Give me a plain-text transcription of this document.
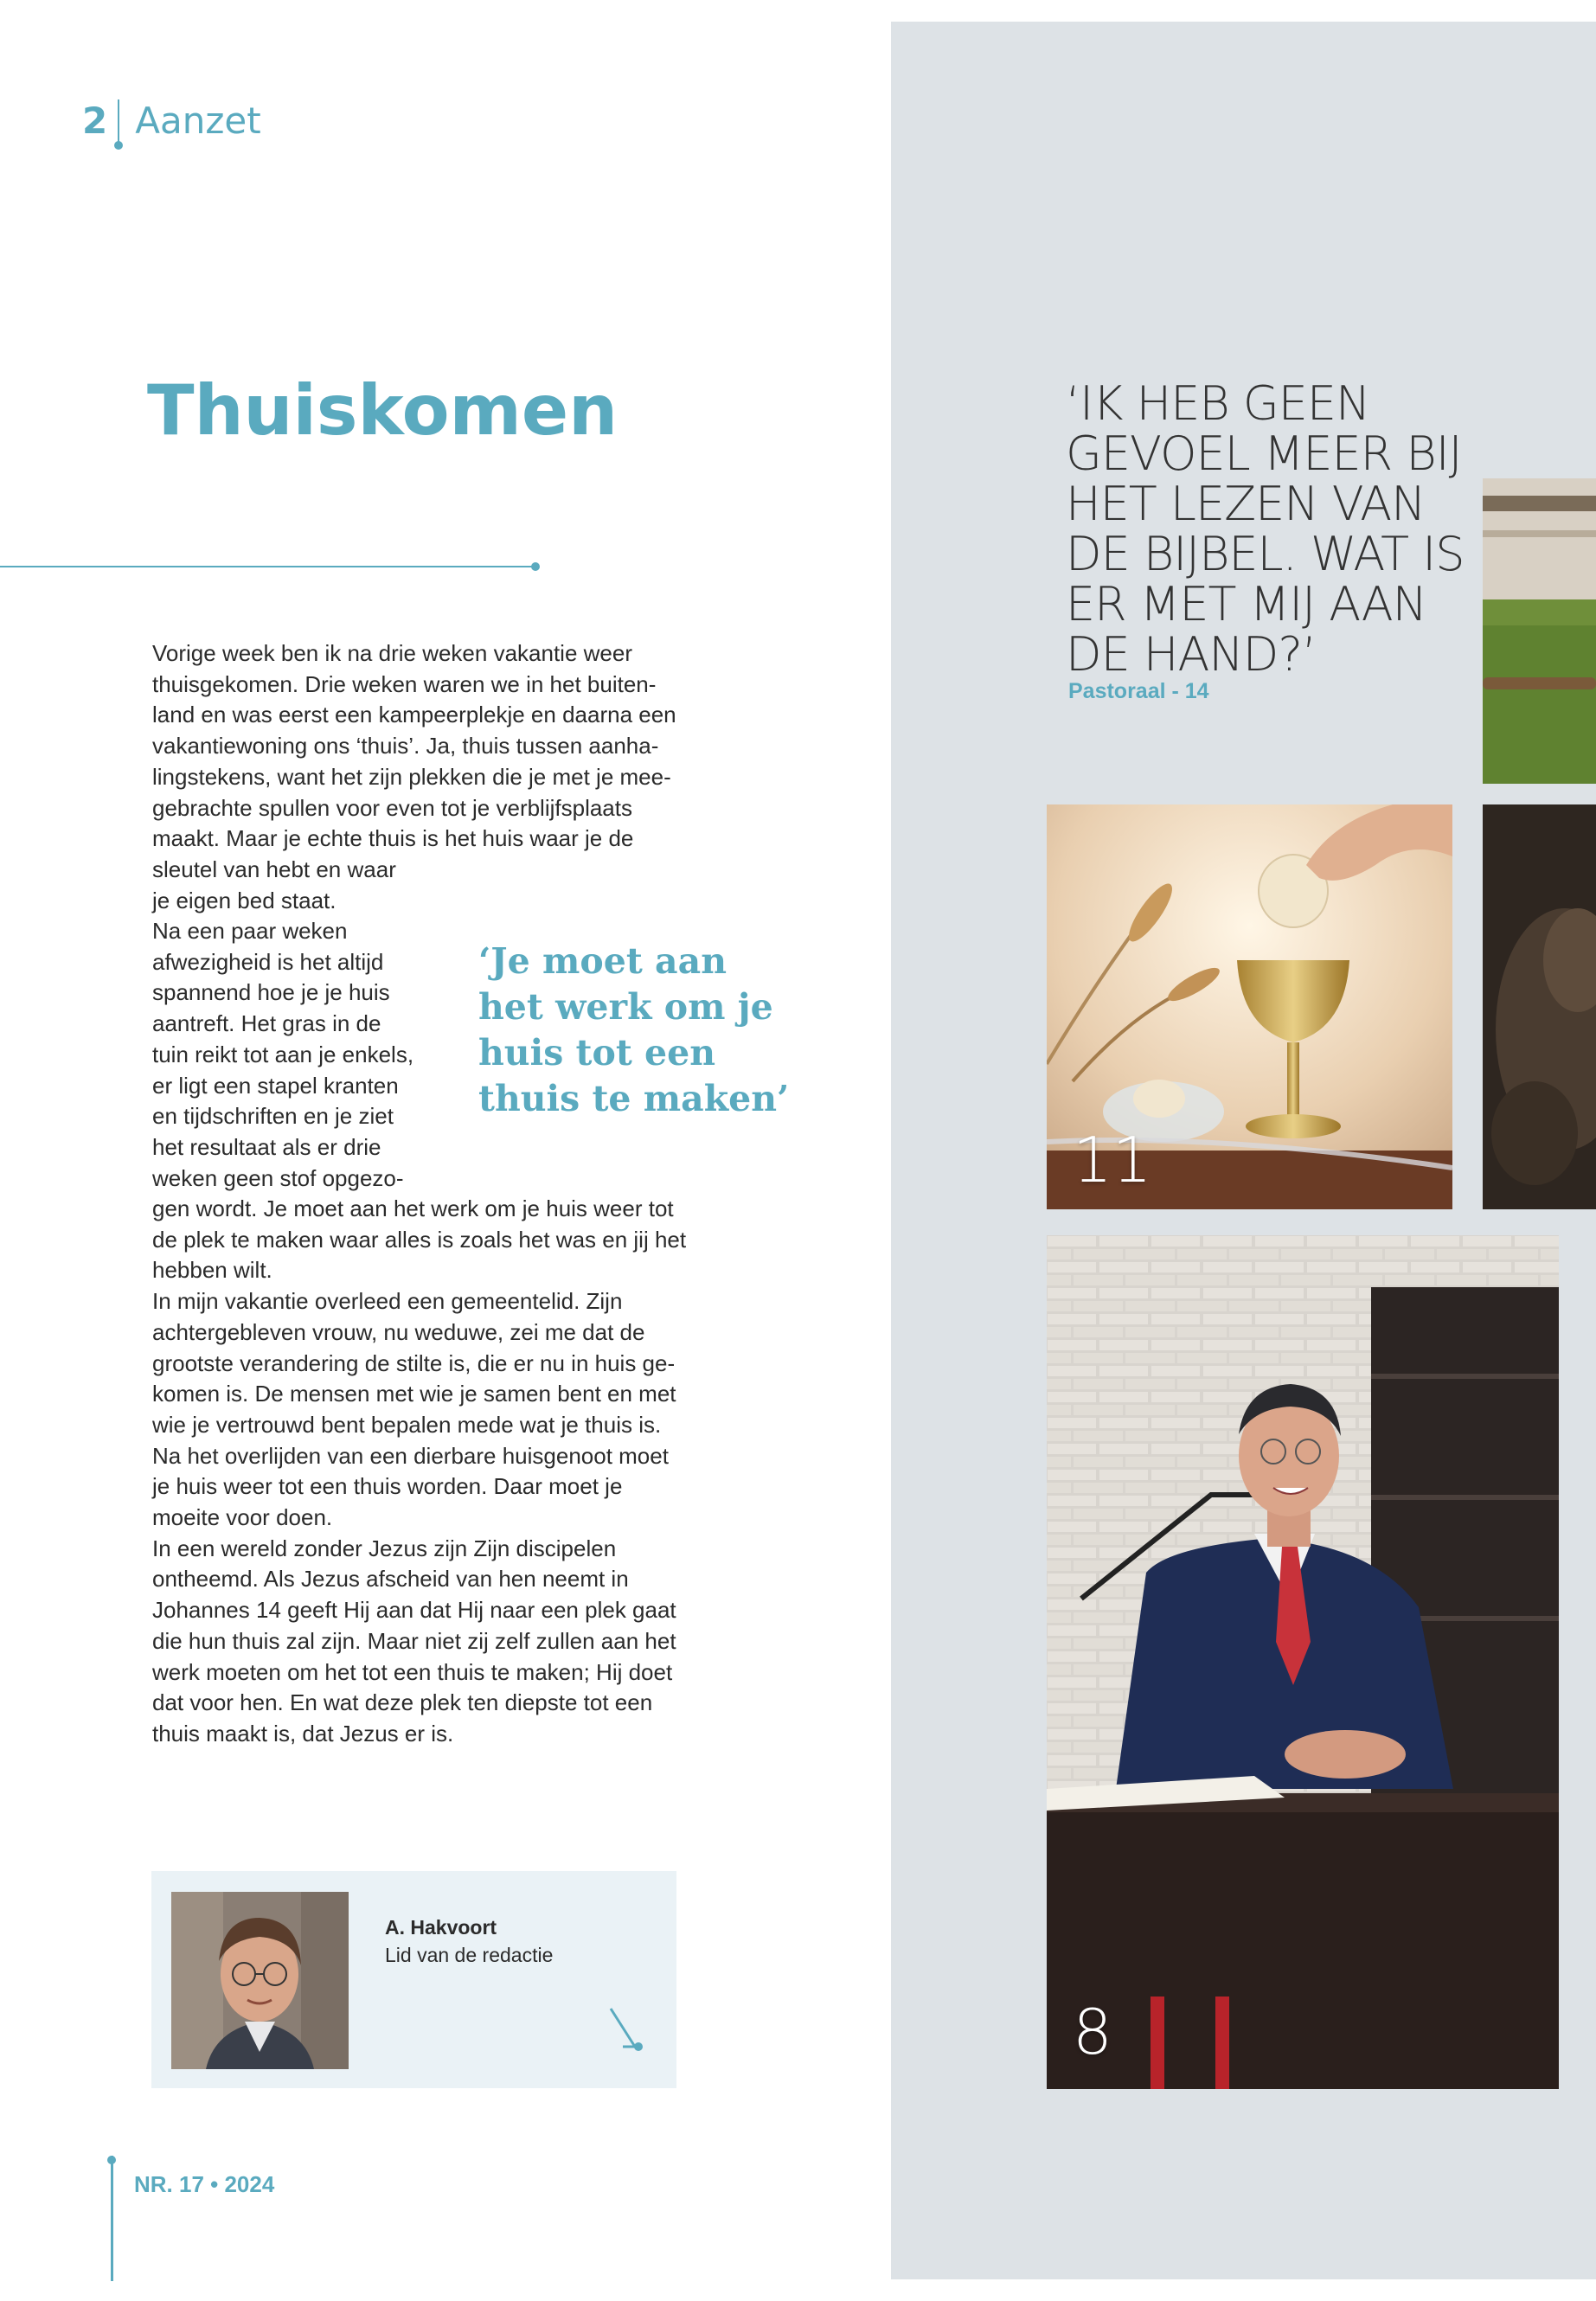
2 Aanzet
Thuiskomen
Vorige week ben ik na drie weken vakantie weer
thuisgekomen. Drie weken waren we in het buiten-
land en was eerst een kampeerplekje en daarna een
vakantiewoning ons ‘thuis’. Ja, thuis tussen aanha-
lingstekens, want het zijn plekken die je met je mee-
gebrachte spullen voor even tot je verblijfsplaats
maakt. Maar je echte thuis is het huis waar je de
sleutel van hebt en waar
je eigen bed staat.
Na een paar weken
afwezigheid is het altijd
spannend hoe je je huis
aantreft. Het gras in de
tuin reikt tot aan je enkels,
er ligt een stapel kranten
en tijdschriften en je ziet
het resultaat als er drie
weken geen stof opgezo-
gen wordt. Je moet aan het werk om je huis weer tot
de plek te maken waar alles is zoals het was en jij het
hebben wilt.
In mijn vakantie overleed een gemeentelid. Zijn
achtergebleven vrouw, nu weduwe, zei me dat de
grootste verandering de stilte is, die er nu in huis ge-
komen is. De mensen met wie je samen bent en met
wie je vertrouwd bent bepalen mede wat je thuis is.
Na het overlijden van een dierbare huisgenoot moet
je huis weer tot een thuis worden. Daar moet je
moeite voor doen.
In een wereld zonder Jezus zijn Zijn discipelen
ontheemd. Als Jezus afscheid van hen neemt in
Johannes 14 geeft Hij aan dat Hij naar een plek gaat
die hun thuis zal zijn. Maar niet zij zelf zullen aan het
werk moeten om het tot een thuis te maken; Hij doet
dat voor hen. En wat deze plek ten diepste tot een
thuis maakt is, dat Jezus er is.
‘Je moet aan het werk om je huis tot een thuis te maken’
A. Hakvoort
Lid van de redactie
NR. 17 • 2024
‘IK HEB GEEN GEVOEL MEER BIJ HET LEZEN VAN DE BIJBEL. WAT IS ER MET MIJ AAN DE HAND?’
Pastoraal - 14
11
8
